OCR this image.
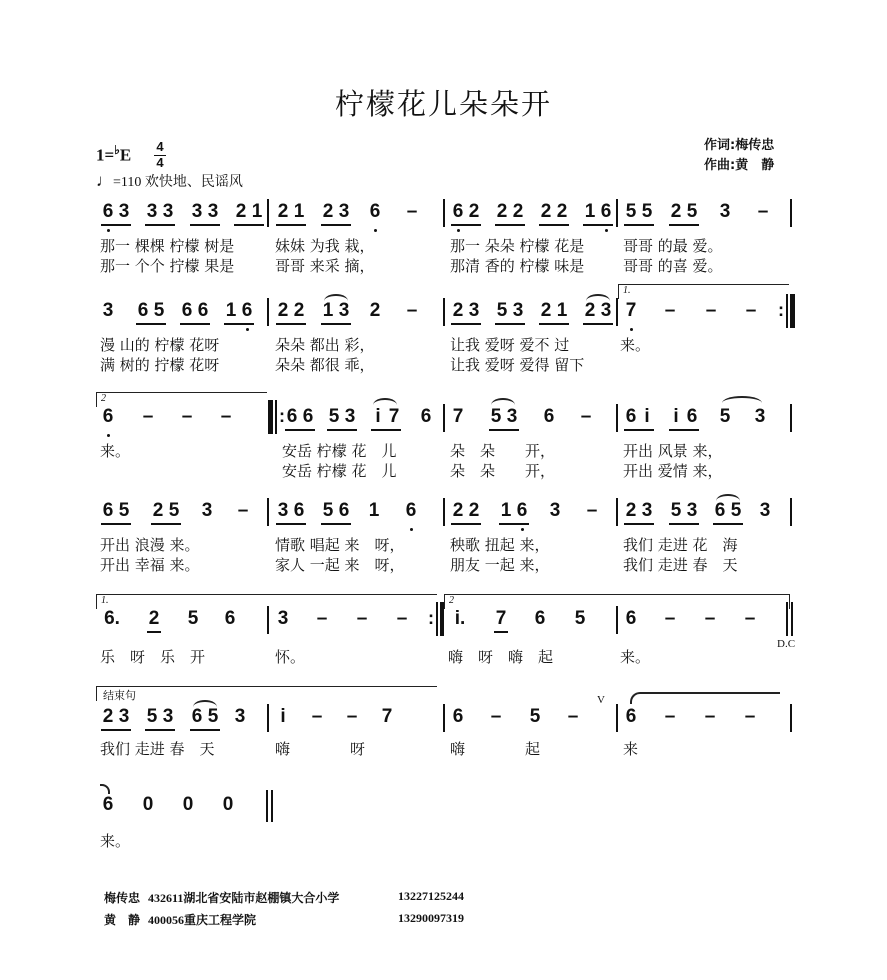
柠檬花儿朵朵开
1=♭E 4
4
♩=110 欢快地、民谣风
作词:梅传忠
作曲:黄　静
6 3 3 3 3 3 2 1 2 1 2 3 6 – 6 2 2 2 2 2 1 6 5 5 2 5 3 –
那一 棵棵 柠檬 树是
那一 个个 拧檬 果是
妹妹 为我 栽，
哥哥 来采 摘，
那一 朵朵 柠檬 花是
那清 香的 柠檬 味是
哥哥 的最 爱。
哥哥 的喜 爱。
1.
3 6 5 6 6 1 6 2 2 1 3 2 – 2 3 5 3 2 1 2 3 7 – – – :
漫 山的 柠檬 花呀
满 树的 拧檬 花呀
朵朵 都出 彩，
朵朵 都很 乖，
让我 爱呀 爱不 过
让我 爱呀 爱得 留下
来。
2
:
6 – – –	6 6 5 3 i 7 6 7 5 3 6 – 6 i i 6 5 3
来。	安岳 柠檬 花　儿
安岳 柠檬 花　儿
朵　朵　　开，
朵　朵　　开，
开出 风景 来，
开出 爱情 来，
6 5 2 5 3 – 3 6 5 6 1 6 2 2 1 6 3 – 2 3 5 3 6 5 3
开出 浪漫 来。
开出 幸福 来。
情歌 唱起 来　呀，
家人 一起 来　呀，
秧歌 扭起 来，
朋友 一起 来，
我们 走进 花　海
我们 走进 春　天
1.	2
:
6. 2 5 6 3 – – –	i.	7 6 5 6 – – –
D.C
乐　呀　乐　开	怀。	嗨　呀　嗨　起	来。
结束句
2 3 5 3 6 5 3 i – – 7	6 – 5 –
V
6 – – –
我们 走进 春　天	嗨　　　　呀	嗨　　　　起	来
6 0 0 0
来。
梅传忠 432611湖北省安陆市赵棚镇大合小学	13227125244
黄　静 400056重庆工程学院	13290097319
